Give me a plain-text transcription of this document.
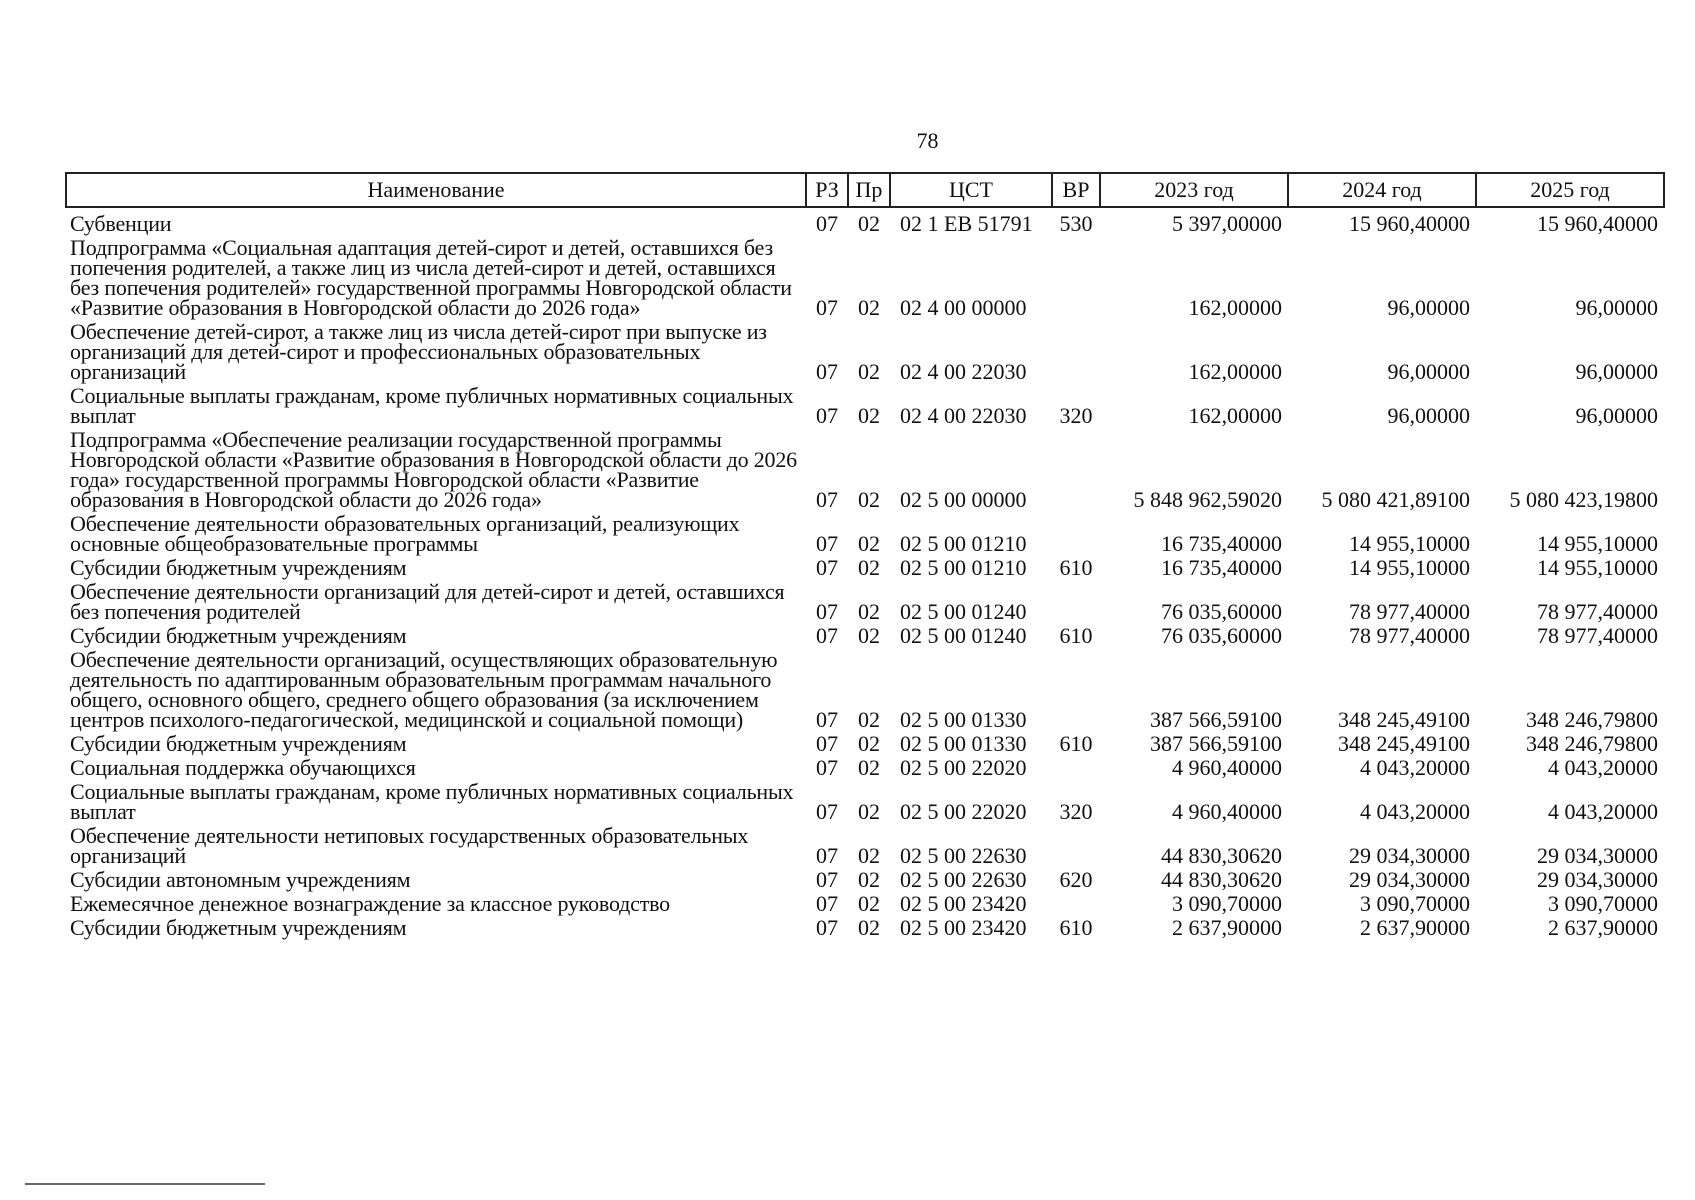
78
Наименование	РЗ	Пр	ЦСТ	ВР	2023 год	2024 год	2025 год
Субвенции	07	02	02 1 ЕВ 51791	530	5 397,00000	15 960,40000	15 960,40000
Подпрограмма «Социальная адаптация детей-сирот и детей, оставшихся без попечения родителей, а также лиц из числа детей-сирот и детей, оставшихся без попечения родителей» государственной программы Новгородской области «Развитие образования в Новгородской области до 2026 года»	07	02	02 4 00 00000		162,00000	96,00000	96,00000
Обеспечение детей-сирот, а также лиц из числа детей-сирот при выпуске из организаций для детей-сирот и профессиональных образовательных организаций	07	02	02 4 00 22030		162,00000	96,00000	96,00000
Социальные выплаты гражданам, кроме публичных нормативных социальных выплат	07	02	02 4 00 22030	320	162,00000	96,00000	96,00000
Подпрограмма «Обеспечение реализации государственной программы Новгородской области «Развитие образования в Новгородской области до 2026 года» государственной программы Новгородской области «Развитие образования в Новгородской области до 2026 года»	07	02	02 5 00 00000		5 848 962,59020	5 080 421,89100	5 080 423,19800
Обеспечение деятельности образовательных организаций, реализующих основные общеобразовательные программы	07	02	02 5 00 01210		16 735,40000	14 955,10000	14 955,10000
Субсидии бюджетным учреждениям	07	02	02 5 00 01210	610	16 735,40000	14 955,10000	14 955,10000
Обеспечение деятельности организаций для детей-сирот и детей, оставшихся без попечения родителей	07	02	02 5 00 01240		76 035,60000	78 977,40000	78 977,40000
Субсидии бюджетным учреждениям	07	02	02 5 00 01240	610	76 035,60000	78 977,40000	78 977,40000
Обеспечение деятельности организаций, осуществляющих образовательную деятельность по адаптированным образовательным программам начального общего, основного общего, среднего общего образования (за исключением центров психолого-педагогической, медицинской и социальной помощи)	07	02	02 5 00 01330		387 566,59100	348 245,49100	348 246,79800
Субсидии бюджетным учреждениям	07	02	02 5 00 01330	610	387 566,59100	348 245,49100	348 246,79800
Социальная поддержка обучающихся	07	02	02 5 00 22020		4 960,40000	4 043,20000	4 043,20000
Социальные выплаты гражданам, кроме публичных нормативных социальных выплат	07	02	02 5 00 22020	320	4 960,40000	4 043,20000	4 043,20000
Обеспечение деятельности нетиповых государственных образовательных организаций	07	02	02 5 00 22630		44 830,30620	29 034,30000	29 034,30000
Субсидии автономным учреждениям	07	02	02 5 00 22630	620	44 830,30620	29 034,30000	29 034,30000
Ежемесячное денежное вознаграждение за классное руководство	07	02	02 5 00 23420		3 090,70000	3 090,70000	3 090,70000
Субсидии бюджетным учреждениям	07	02	02 5 00 23420	610	2 637,90000	2 637,90000	2 637,90000
